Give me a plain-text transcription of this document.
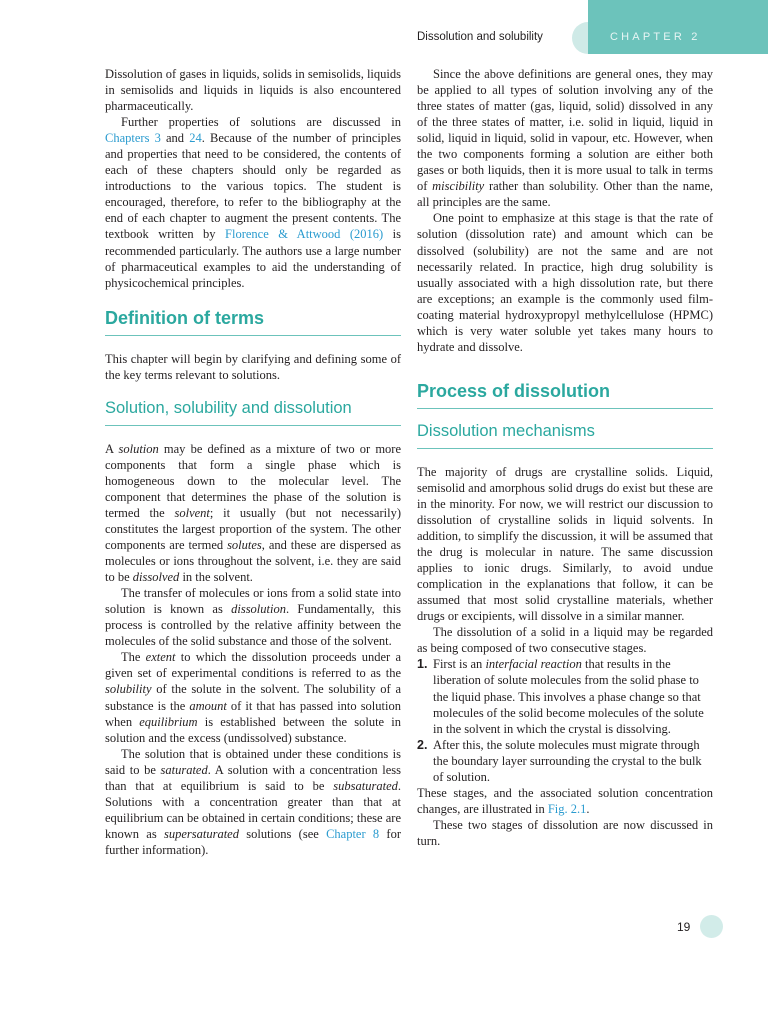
Dissolution and solubility	CHAPTER 2

Dissolution of gases in liquids, solids in semisolids, liquids in semisolids and liquids in liquids is also encountered pharmaceutically.

Further properties of solutions are discussed in Chapters 3 and 24. Because of the number of principles and properties that need to be considered, the contents of each of these chapters should only be regarded as introductions to the various topics. The student is encouraged, therefore, to refer to the bibliography at the end of each chapter to augment the present contents. The textbook written by Florence & Attwood (2016) is recommended particularly. The authors use a large number of pharmaceutical examples to aid the understanding of physicochemical principles.

Definition of terms

This chapter will begin by clarifying and defining some of the key terms relevant to solutions.

Solution, solubility and dissolution

A solution may be defined as a mixture of two or more components that form a single phase which is homogeneous down to the molecular level. The component that determines the phase of the solution is termed the solvent; it usually (but not necessarily) constitutes the largest proportion of the system. The other components are termed solutes, and these are dispersed as molecules or ions throughout the solvent, i.e. they are said to be dissolved in the solvent.

The transfer of molecules or ions from a solid state into solution is known as dissolution. Fundamentally, this process is controlled by the relative affinity between the molecules of the solid substance and those of the solvent.

The extent to which the dissolution proceeds under a given set of experimental conditions is referred to as the solubility of the solute in the solvent. The solubility of a substance is the amount of it that has passed into solution when equilibrium is established between the solute in solution and the excess (undissolved) substance.

The solution that is obtained under these conditions is said to be saturated. A solution with a concentration less than that at equilibrium is said to be subsaturated. Solutions with a concentration greater than that at equilibrium can be obtained in certain conditions; these are known as supersaturated solutions (see Chapter 8 for further information).

Since the above definitions are general ones, they may be applied to all types of solution involving any of the three states of matter (gas, liquid, solid) dissolved in any of the three states of matter, i.e. solid in liquid, liquid in solid, liquid in liquid, solid in vapour, etc. However, when the two components forming a solution are either both gases or both liquids, then it is more usual to talk in terms of miscibility rather than solubility. Other than the name, all principles are the same.

One point to emphasize at this stage is that the rate of solution (dissolution rate) and amount which can be dissolved (solubility) are not the same and are not necessarily related. In practice, high drug solubility is usually associated with a high dissolution rate, but there are exceptions; an example is the commonly used film-coating material hydroxypropyl methylcellulose (HPMC) which is very water soluble yet takes many hours to hydrate and dissolve.

Process of dissolution
Dissolution mechanisms

The majority of drugs are crystalline solids. Liquid, semisolid and amorphous solid drugs do exist but these are in the minority. For now, we will restrict our discussion to dissolution of crystalline solids in liquid solvents. In addition, to simplify the discussion, it will be assumed that the drug is molecular in nature. The same discussion applies to ionic drugs. Similarly, to avoid undue complication in the explanations that follow, it can be assumed that most solid crystalline materials, whether drugs or excipients, will dissolve in a similar manner.

The dissolution of a solid in a liquid may be regarded as being composed of two consecutive stages.

1. First is an interfacial reaction that results in the liberation of solute molecules from the solid phase to the liquid phase. This involves a phase change so that molecules of the solid become molecules of the solute in the solvent in which the crystal is dissolving.
2. After this, the solute molecules must migrate through the boundary layer surrounding the crystal to the bulk of solution.

These stages, and the associated solution concentration changes, are illustrated in Fig. 2.1.

These two stages of dissolution are now discussed in turn.

19
